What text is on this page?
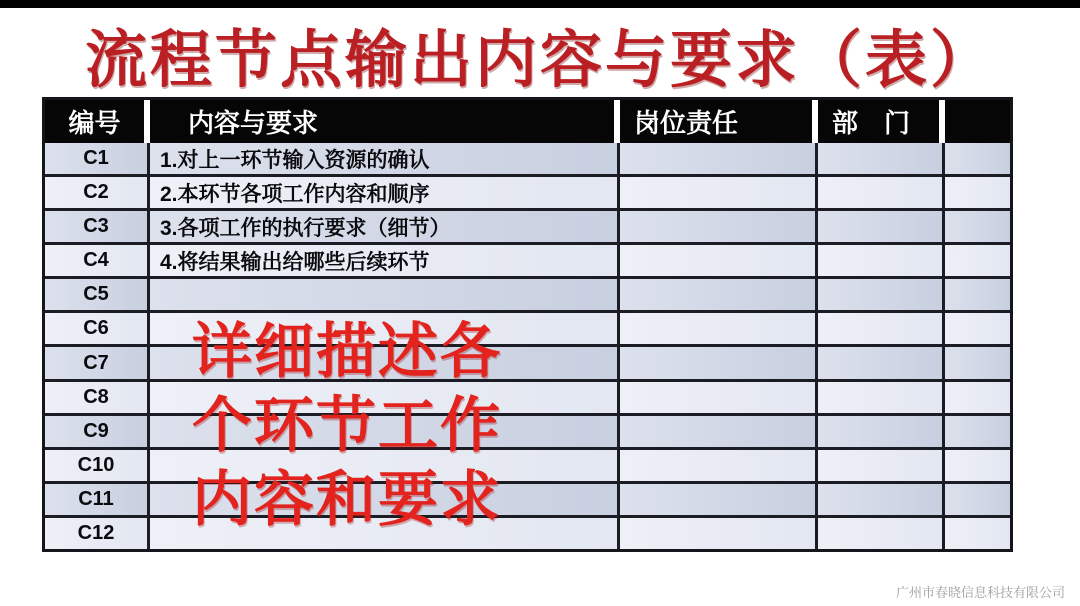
流程节点输出内容与要求（表）
编号	内容与要求	岗位责任	部　门
C1	1.对上一环节输入资源的确认
C2	2.本环节各项工作内容和顺序
C3	3.各项工作的执行要求（细节）
C4	4.将结果输出给哪些后续环节
C5
C6
C7
C8
C9
C10
C11
C12
详细描述各
个环节工作
内容和要求
广州市春晓信息科技有限公司
